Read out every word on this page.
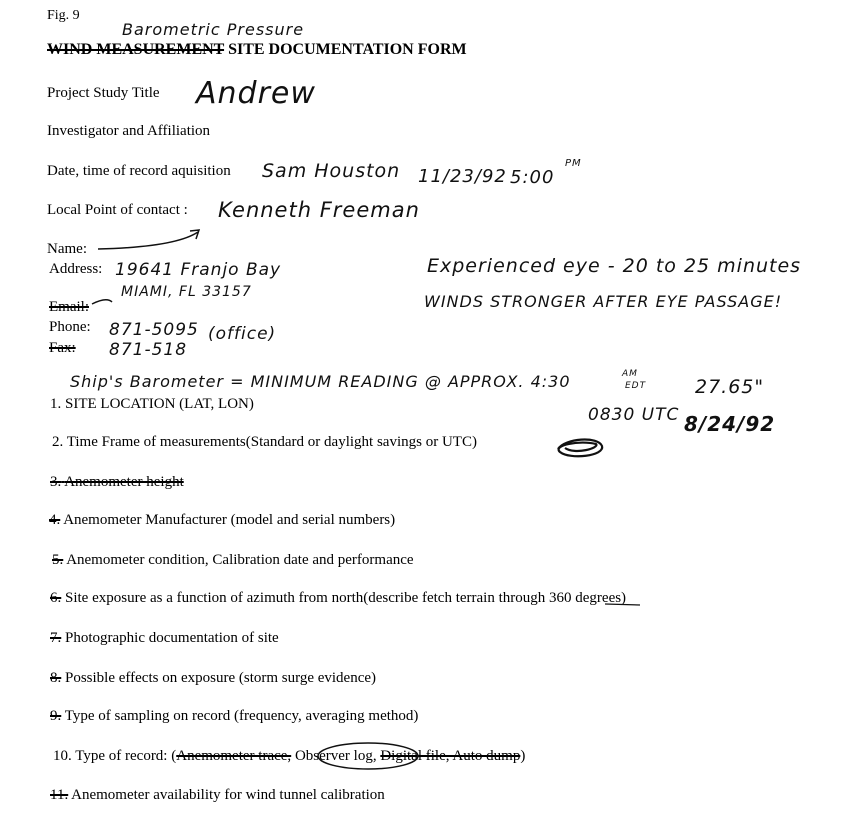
Fig. 9
Barometric Pressure
WIND MEASUREMENT SITE DOCUMENTATION FORM
Project Study Title Andrew
Investigator and Affiliation
Date, time of record aquisition Sam Houston 11/23/92 5:00
PM
Local Point of contact : Kenneth Freeman
Name:
Address: 19641 Franjo Bay
MIAMI, FL 33157
Email:
Phone: 871-5095 (office)
Fax: 871-518
Experienced eye - 20 to 25 minutes
WINDS STRONGER AFTER EYE PASSAGE!
Ship's Barometer = MINIMUM READING @ APPROX. 4:30	AM
EDT	27.65"
0830 UTC 8/24/92
1. SITE LOCATION (LAT, LON)
2. Time Frame of measurements(Standard or daylight savings or UTC)
3. Anemometer height
4. Anemometer Manufacturer (model and serial numbers)
5. Anemometer condition, Calibration date and performance
6. Site exposure as a function of azimuth from north(describe fetch terrain through 360 degrees)
7. Photographic documentation of site
8. Possible effects on exposure (storm surge evidence)
9. Type of sampling on record (frequency, averaging method)
10. Type of record: (Anemometer trace, Observer log, Digital file, Auto dump)
11. Anemometer availability for wind tunnel calibration
